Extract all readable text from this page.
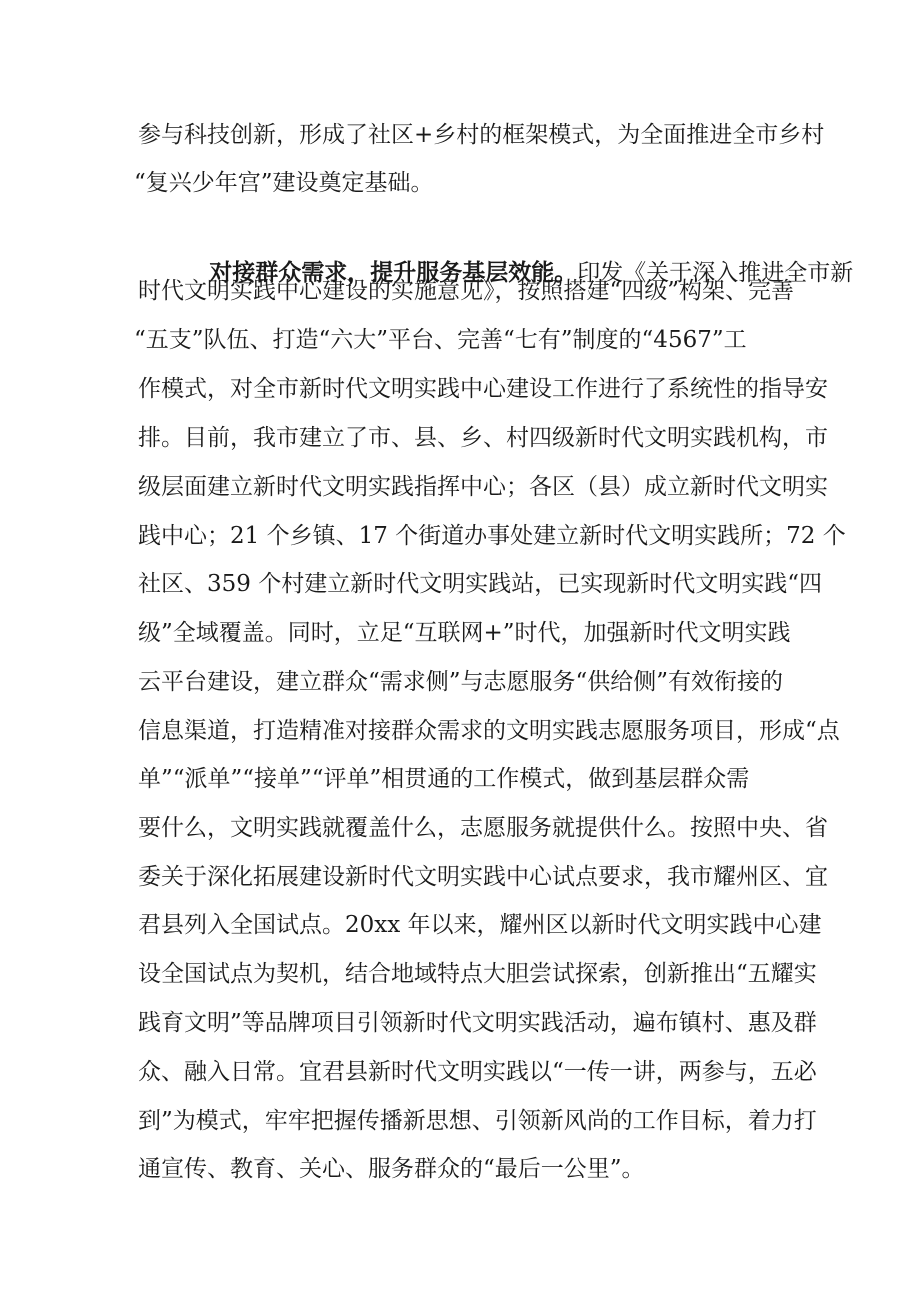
参与科技创新，形成了社区+乡村的框架模式，为全面推进全市乡村
“复兴少年宫”建设奠定基础。

对接群众需求，提升服务基层效能。印发《关于深入推进全市新

时代文明实践中心建设的实施意见》，按照搭建“四级”构架、完善
“五支”队伍、打造“六大”平台、完善“七有”制度的“4567”工
作模式，对全市新时代文明实践中心建设工作进行了系统性的指导安
排。目前，我市建立了市、县、乡、村四级新时代文明实践机构，市
级层面建立新时代文明实践指挥中心；各区（县）成立新时代文明实
践中心；21 个乡镇、17 个街道办事处建立新时代文明实践所；72 个
社区、359 个村建立新时代文明实践站，已实现新时代文明实践“四
级”全域覆盖。同时，立足“互联网+”时代，加强新时代文明实践
云平台建设，建立群众“需求侧”与志愿服务“供给侧”有效衔接的
信息渠道，打造精准对接群众需求的文明实践志愿服务项目，形成“点
单”“派单”“接单”“评单”相贯通的工作模式，做到基层群众需
要什么，文明实践就覆盖什么，志愿服务就提供什么。按照中央、省
委关于深化拓展建设新时代文明实践中心试点要求，我市耀州区、宜
君县列入全国试点。20xx 年以来，耀州区以新时代文明实践中心建
设全国试点为契机，结合地域特点大胆尝试探索，创新推出“五耀实
践育文明”等品牌项目引领新时代文明实践活动，遍布镇村、惠及群
众、融入日常。宜君县新时代文明实践以“一传一讲，两参与，五必
到”为模式，牢牢把握传播新思想、引领新风尚的工作目标，着力打
通宣传、教育、关心、服务群众的“最后一公里”。
